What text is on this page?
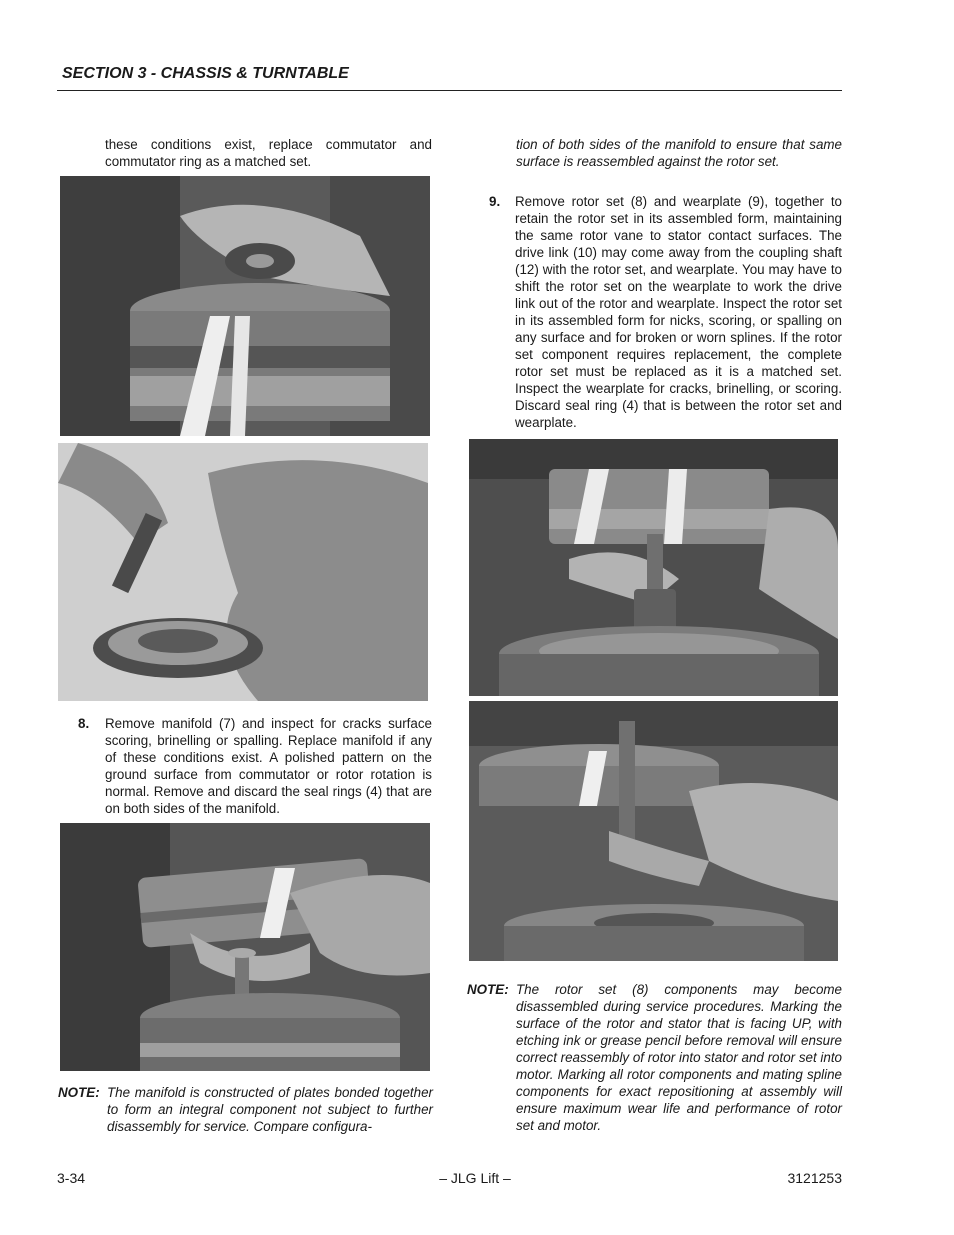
SECTION 3 - CHASSIS & TURNTABLE
these conditions exist, replace commutator and commutator ring as a matched set.
8. Remove manifold (7) and inspect for cracks surface scoring, brinelling or spalling. Replace manifold if any of these conditions exist. A polished pattern on the ground surface from commutator or rotor rotation is normal. Remove and discard the seal rings (4) that are on both sides of the manifold.
NOTE: The manifold is constructed of plates bonded together to form an integral component not subject to further disassembly for service. Compare configura-
tion of both sides of the manifold to ensure that same surface is reassembled against the rotor set.
9. Remove rotor set (8) and wearplate (9), together to retain the rotor set in its assembled form, maintaining the same rotor vane to stator contact surfaces. The drive link (10) may come away from the coupling shaft (12) with the rotor set, and wearplate. You may have to shift the rotor set on the wearplate to work the drive link out of the rotor and wearplate. Inspect the rotor set in its assembled form for nicks, scoring, or spalling on any surface and for broken or worn splines. If the rotor set component requires replacement, the complete rotor set must be replaced as it is a matched set. Inspect the wearplate for cracks, brinelling, or scoring. Discard seal ring (4) that is between the rotor set and wearplate.
NOTE: The rotor set (8) components may become disassembled during service procedures. Marking the surface of the rotor and stator that is facing UP, with etching ink or grease pencil before removal will ensure correct reassembly of rotor into stator and rotor set into motor. Marking all rotor components and mating spline components for exact repositioning at assembly will ensure maximum wear life and performance of rotor set and motor.
3-34	– JLG Lift –	3121253
